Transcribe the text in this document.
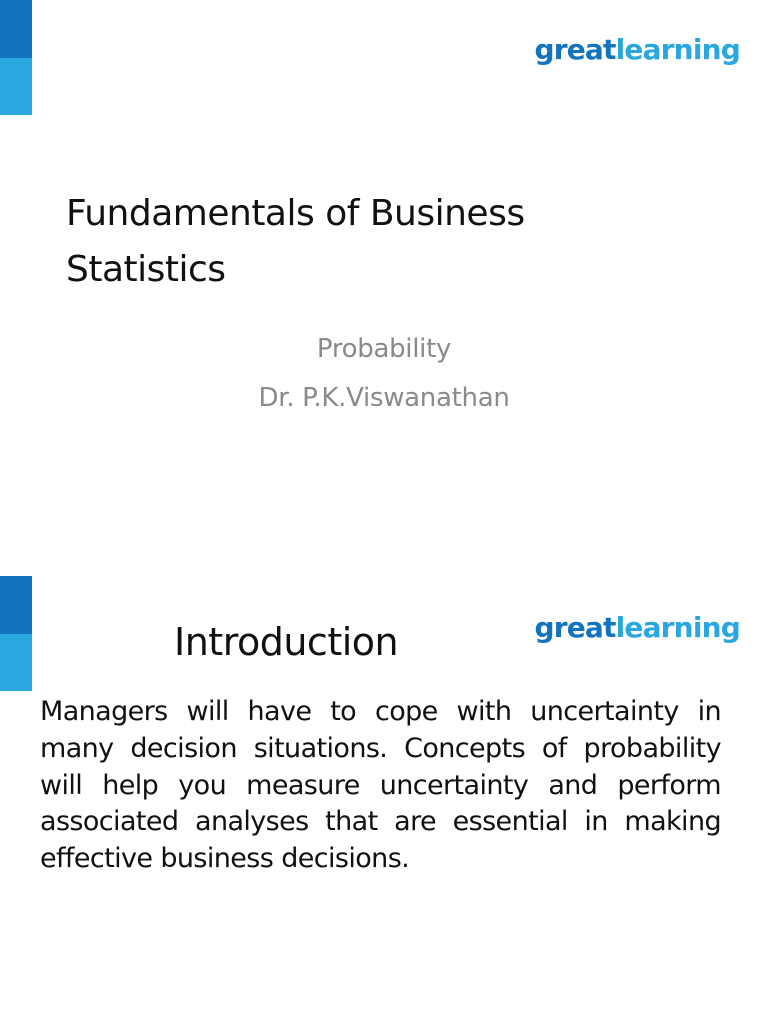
greatlearning
Fundamentals of Business Statistics

Probability

Dr. P.K.Viswanathan

greatlearning
Introduction

Managers will have to cope with uncertainty in many decision situations. Concepts of probability will help you measure uncertainty and perform associated analyses that are essential in making effective business decisions.
